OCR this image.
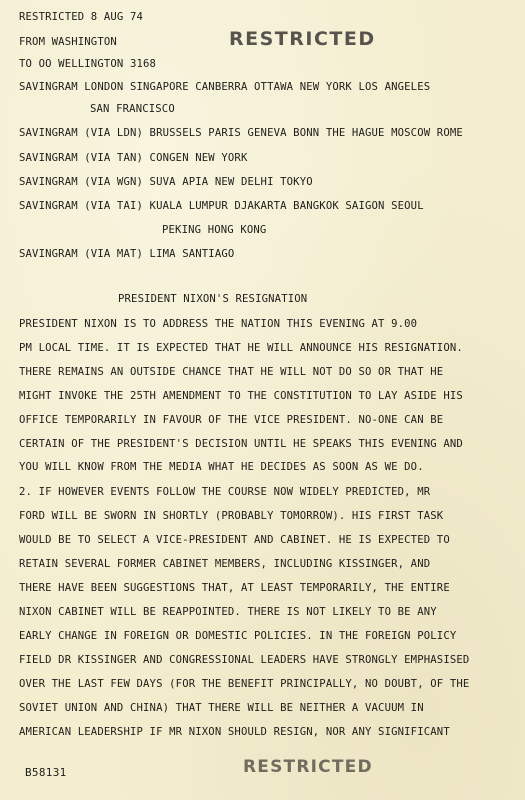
RESTRICTED 8 AUG 74
FROM WASHINGTON	RESTRICTED
TO OO WELLINGTON 3168
SAVINGRAM LONDON SINGAPORE CANBERRA OTTAWA NEW YORK LOS ANGELES
SAN FRANCISCO
SAVINGRAM (VIA LDN) BRUSSELS PARIS GENEVA BONN THE HAGUE MOSCOW ROME
SAVINGRAM (VIA TAN) CONGEN NEW YORK
SAVINGRAM (VIA WGN) SUVA APIA NEW DELHI TOKYO
SAVINGRAM (VIA TAI) KUALA LUMPUR DJAKARTA BANGKOK SAIGON SEOUL
PEKING HONG KONG
SAVINGRAM (VIA MAT) LIMA SANTIAGO
PRESIDENT NIXON'S RESIGNATION
PRESIDENT NIXON IS TO ADDRESS THE NATION THIS EVENING AT 9.00
PM LOCAL TIME. IT IS EXPECTED THAT HE WILL ANNOUNCE HIS RESIGNATION.
THERE REMAINS AN OUTSIDE CHANCE THAT HE WILL NOT DO SO OR THAT HE
MIGHT INVOKE THE 25TH AMENDMENT TO THE CONSTITUTION TO LAY ASIDE HIS
OFFICE TEMPORARILY IN FAVOUR OF THE VICE PRESIDENT. NO-ONE CAN BE
CERTAIN OF THE PRESIDENT'S DECISION UNTIL HE SPEAKS THIS EVENING AND
YOU WILL KNOW FROM THE MEDIA WHAT HE DECIDES AS SOON AS WE DO.
2. IF HOWEVER EVENTS FOLLOW THE COURSE NOW WIDELY PREDICTED, MR
FORD WILL BE SWORN IN SHORTLY (PROBABLY TOMORROW). HIS FIRST TASK
WOULD BE TO SELECT A VICE-PRESIDENT AND CABINET. HE IS EXPECTED TO
RETAIN SEVERAL FORMER CABINET MEMBERS, INCLUDING KISSINGER, AND
THERE HAVE BEEN SUGGESTIONS THAT, AT LEAST TEMPORARILY, THE ENTIRE
NIXON CABINET WILL BE REAPPOINTED. THERE IS NOT LIKELY TO BE ANY
EARLY CHANGE IN FOREIGN OR DOMESTIC POLICIES. IN THE FOREIGN POLICY
FIELD DR KISSINGER AND CONGRESSIONAL LEADERS HAVE STRONGLY EMPHASISED
OVER THE LAST FEW DAYS (FOR THE BENEFIT PRINCIPALLY, NO DOUBT, OF THE
SOVIET UNION AND CHINA) THAT THERE WILL BE NEITHER A VACUUM IN
AMERICAN LEADERSHIP IF MR NIXON SHOULD RESIGN, NOR ANY SIGNIFICANT
B58131	RESTRICTED
